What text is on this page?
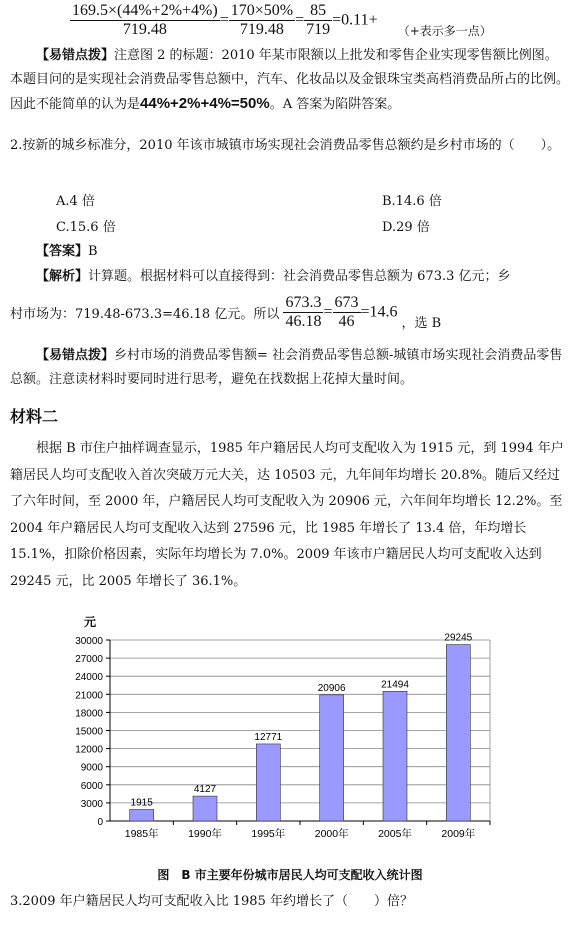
$\frac{169.5\times(44\%+2\%+4\%)}{719.48} = \frac{170\times 50\%}{719.48} = \frac{85}{719} =0.11+$ （+表示多一点）

【易错点拨】注意图 2 的标题：2010 年某市限额以上批发和零售企业实现零售额比例图。本题目问的是实现社会消费品零售总额中，汽车、化妆品以及金银珠宝类高档消费品所占的比例。因此不能简单的认为是44%+2%+4%=50%。A 答案为陷阱答案。

2.按新的城乡标准分，2010 年该市城镇市场实现社会消费品零售总额约是乡村市场的（　　）。

A.4 倍	B.14.6 倍
C.15.6 倍	D.29 倍

【答案】B

【解析】计算题。根据材料可以直接得到：社会消费品零售总额为 673.3 亿元；乡

村市场为：719.48-673.3=46.18 亿元。所以 $\frac{673.3}{46.18} = \frac{673}{46} =14.6$，选 B

【易错点拨】乡村市场的消费品零售额= 社会消费品零售总额-城镇市场实现社会消费品零售总额。注意读材料时要同时进行思考，避免在找数据上花掉大量时间。

材料二

根据 B 市住户抽样调查显示，1985 年户籍居民人均可支配收入为 1915 元，到 1994 年户籍居民人均可支配收入首次突破万元大关，达 10503 元，九年间年均增长 20.8%。随后又经过了六年时间，至 2000 年，户籍居民人均可支配收入为 20906 元，六年间年均增长 12.2%。至 2004 年户籍居民人均可支配收入达到 27596 元，比 1985 年增长了 13.4 倍，年均增长 15.1%，扣除价格因素，实际年均增长为 7.0%。2009 年该市户籍居民人均可支配收入达到 29245 元，比 2005 年增长了 36.1%。

元
0
3000
6000
9000
12000
15000
18000
21000
24000
27000
30000
1915
1985年
4127
1990年
12771
1995年
20906
2000年
21494
2005年
29245
2009年
图　B 市主要年份城市居民人均可支配收入统计图

3.2009 年户籍居民人均可支配收入比 1985 年约增长了（　　）倍？
